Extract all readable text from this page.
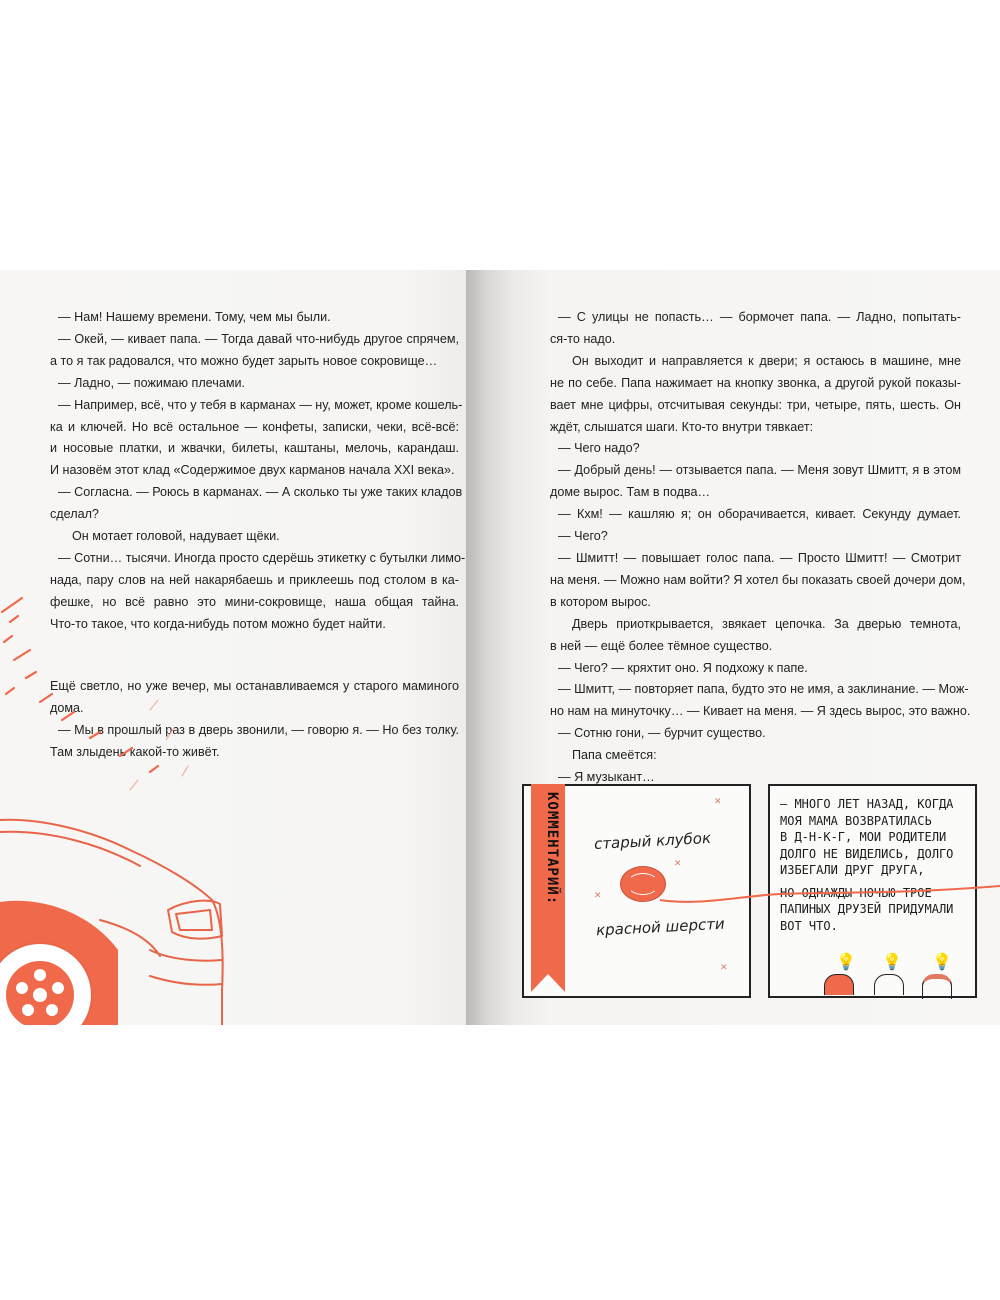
— Нам! Нашему времени. Тому, чем мы были.
— Окей, — кивает папа. — Тогда давай что-нибудь другое спрячем,
а то я так радовался, что можно будет зарыть новое сокровище…
— Ладно, — пожимаю плечами.
— Например, всё, что у тебя в карманах — ну, может, кроме кошель-
ка и ключей. Но всё остальное — конфеты, записки, чеки, всё-всё:
и носовые платки, и жвачки, билеты, каштаны, мелочь, карандаш.
И назовём этот клад «Содержимое двух карманов начала XXI века».
— Согласна. — Роюсь в карманах. — А сколько ты уже таких кладов
сделал?
Он мотает головой, надувает щёки.
— Сотни… тысячи. Иногда просто сдерёшь этикетку с бутылки лимо-
нада, пару слов на ней накарябаешь и приклеешь под столом в ка-
фешке, но всё равно это мини-сокровище, наша общая тайна.
Что-то такое, что когда-нибудь потом можно будет найти.
Ещё светло, но уже вечер, мы останавливаемся у старого маминого
дома.
— Мы в прошлый раз в дверь звонили, — говорю я. — Но без толку.
Там злыдень какой-то живёт.
— С улицы не попасть… — бормочет папа. — Ладно, попытать-
ся-то надо.
Он выходит и направляется к двери; я остаюсь в машине, мне
не по себе. Папа нажимает на кнопку звонка, а другой рукой показы-
вает мне цифры, отсчитывая секунды: три, четыре, пять, шесть. Он
ждёт, слышатся шаги. Кто-то внутри тявкает:
— Чего надо?
— Добрый день! — отзывается папа. — Меня зовут Шмитт, я в этом
доме вырос. Там в подва…
— Кхм! — кашляю я; он оборачивается, кивает. Секунду думает.
— Чего?
— Шмитт! — повышает голос папа. — Просто Шмитт! — Смотрит
на меня. — Можно нам войти? Я хотел бы показать своей дочери дом,
в котором вырос.
Дверь приоткрывается, звякает цепочка. За дверью темнота,
в ней — ещё более тёмное существо.
— Чего? — кряхтит оно. Я подхожу к папе.
— Шмитт, — повторяет папа, будто это не имя, а заклинание. — Мож-
но нам на минуточку… — Кивает на меня. — Я здесь вырос, это важно.
— Сотню гони, — бурчит существо.
Папа смеётся:
— Я музыкант…
КОММЕНТАРИЙ: старый клубок
красной шерсти
✕
✕
✕
✕
— МНОГО ЛЕТ НАЗАД, КОГДА
МОЯ МАМА ВОЗВРАТИЛАСЬ
В Д-Н-К-Г, МОИ РОДИТЕЛИ
ДОЛГО НЕ ВИДЕЛИСЬ, ДОЛГО
ИЗБЕГАЛИ ДРУГ ДРУГА,
НО ОДНАЖДЫ НОЧЬЮ ТРОЕ
ПАПИНЫХ ДРУЗЕЙ ПРИДУМАЛИ
ВОТ ЧТО.
💡 💡 💡
